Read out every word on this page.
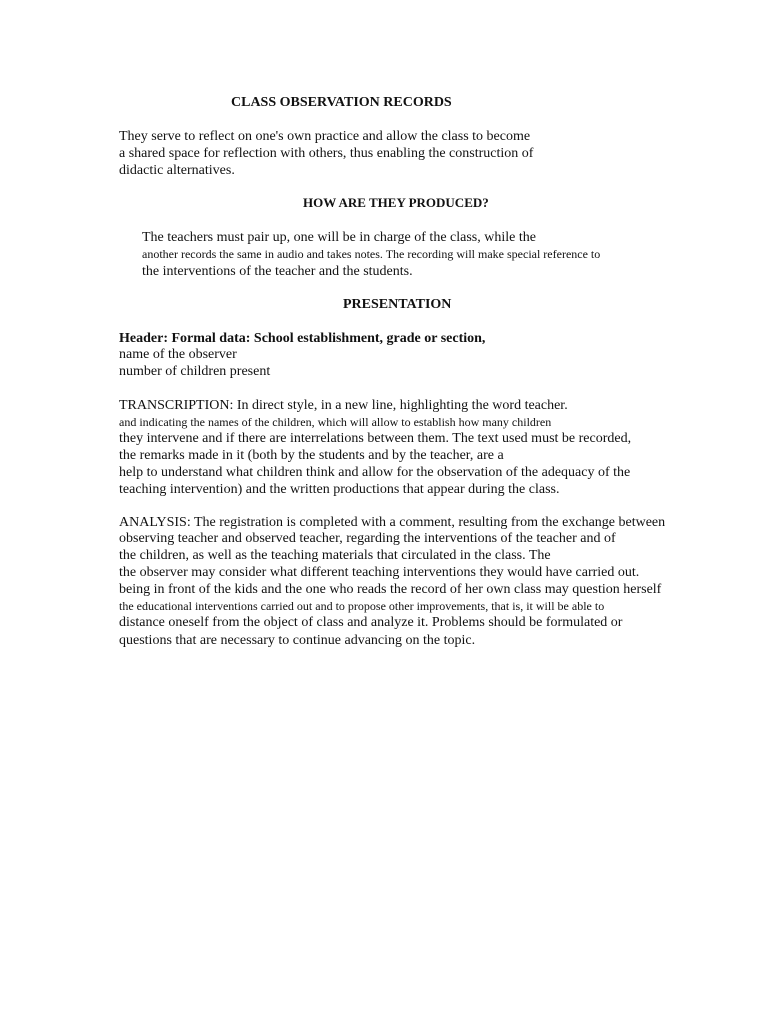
CLASS OBSERVATION RECORDS
They serve to reflect on one's own practice and allow the class to become
a shared space for reflection with others, thus enabling the construction of
didactic alternatives.
HOW ARE THEY PRODUCED?
The teachers must pair up, one will be in charge of the class, while the
another records the same in audio and takes notes. The recording will make special reference to
the interventions of the teacher and the students.
PRESENTATION
Header: Formal data: School establishment, grade or section,
name of the observer
number of children present
TRANSCRIPTION: In direct style, in a new line, highlighting the word teacher.
and indicating the names of the children, which will allow to establish how many children
they intervene and if there are interrelations between them. The text used must be recorded,
the remarks made in it (both by the students and by the teacher, are a
help to understand what children think and allow for the observation of the adequacy of the
teaching intervention) and the written productions that appear during the class.
ANALYSIS: The registration is completed with a comment, resulting from the exchange between
observing teacher and observed teacher, regarding the interventions of the teacher and of
the children, as well as the teaching materials that circulated in the class. The
the observer may consider what different teaching interventions they would have carried out.
being in front of the kids and the one who reads the record of her own class may question herself
the educational interventions carried out and to propose other improvements, that is, it will be able to
distance oneself from the object of class and analyze it. Problems should be formulated or
questions that are necessary to continue advancing on the topic.
